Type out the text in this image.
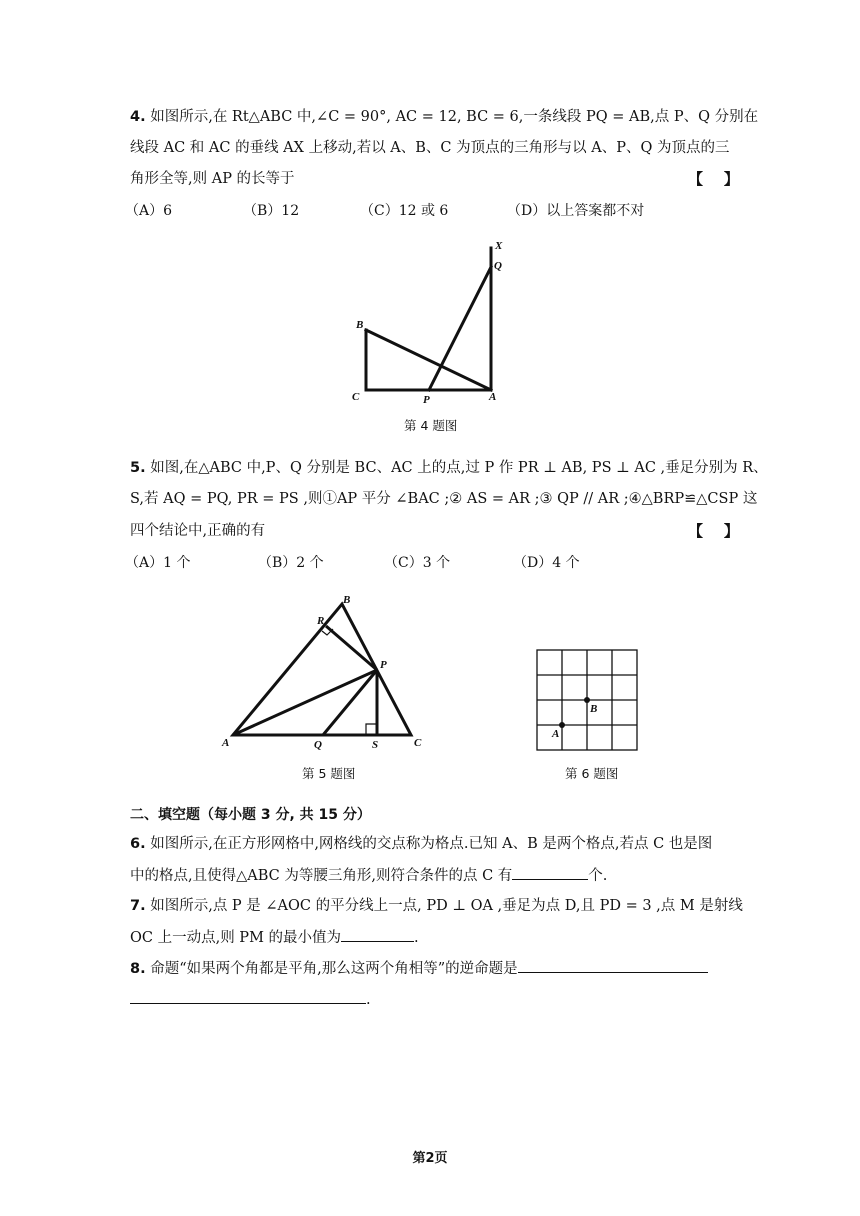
4. 如图所示,在 Rt△ABC 中,∠C = 90°, AC = 12, BC = 6,一条线段 PQ = AB,点 P、Q 分别在
线段 AC 和 AC 的垂线 AX 上移动,若以 A、B、C 为顶点的三角形与以 A、P、Q 为顶点的三
角形全等,则 AP 的长等于	【    】
（A）6	（B）12	（C）12 或 6	（D）以上答案都不对
X
Q
B
C	P	A
第 4 题图
5. 如图,在△ABC 中,P、Q 分别是 BC、AC 上的点,过 P 作 PR ⊥ AB, PS ⊥ AC ,垂足分别为 R、
S,若 AQ = PQ, PR = PS ,则①AP 平分 ∠BAC ;② AS = AR ;③ QP // AR ;④△BRP≌△CSP 这
四个结论中,正确的有	【    】
（A）1 个	（B）2 个	（C）3 个	（D）4 个
A
B
C
R
P
Q	S
第 5 题图
A
B
第 6 题图
二、填空题（每小题 3 分, 共 15 分）
6. 如图所示,在正方形网格中,网格线的交点称为格点.已知 A、B 是两个格点,若点 C 也是图
中的格点,且使得△ABC 为等腰三角形,则符合条件的点 C 有	个.
7. 如图所示,点 P 是 ∠AOC 的平分线上一点, PD ⊥ OA ,垂足为点 D,且 PD = 3 ,点 M 是射线
OC 上一动点,则 PM 的最小值为	.
8. 命题“如果两个角都是平角,那么这两个角相等”的逆命题是
.
第2页
